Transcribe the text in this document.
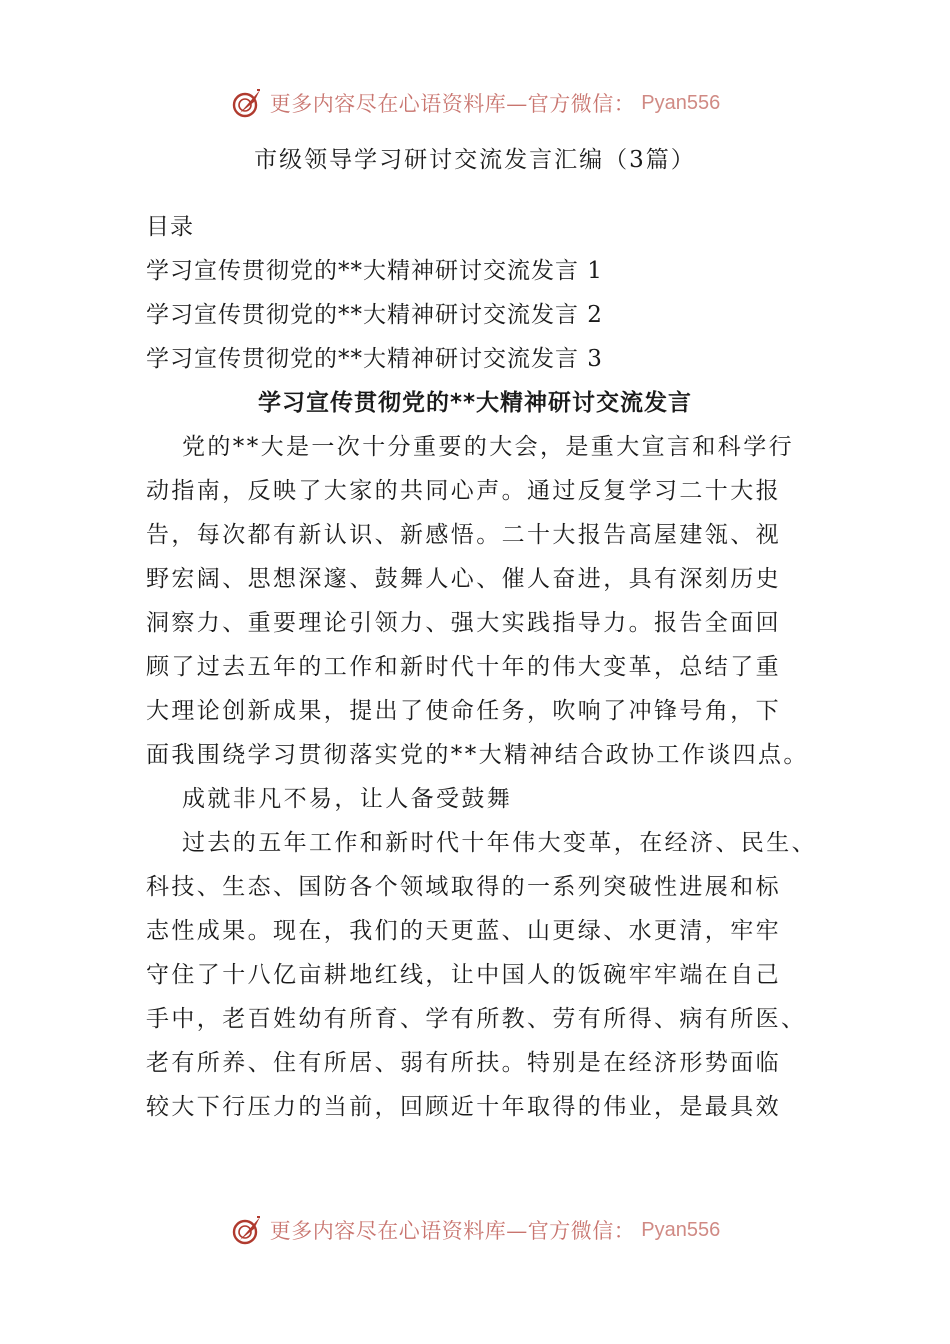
更多内容尽在心语资料库—官方微信： Pyan556
市级领导学习研讨交流发言汇编（3篇）
目录
学习宣传贯彻党的**大精神研讨交流发言 1
学习宣传贯彻党的**大精神研讨交流发言 2
学习宣传贯彻党的**大精神研讨交流发言 3
学习宣传贯彻党的**大精神研讨交流发言
党的**大是一次十分重要的大会，是重大宣言和科学行
动指南，反映了大家的共同心声。通过反复学习二十大报
告，每次都有新认识、新感悟。二十大报告高屋建瓴、视
野宏阔、思想深邃、鼓舞人心、催人奋进，具有深刻历史
洞察力、重要理论引领力、强大实践指导力。报告全面回
顾了过去五年的工作和新时代十年的伟大变革，总结了重
大理论创新成果，提出了使命任务，吹响了冲锋号角，下
面我围绕学习贯彻落实党的**大精神结合政协工作谈四点。
成就非凡不易，让人备受鼓舞
过去的五年工作和新时代十年伟大变革，在经济、民生、
科技、生态、国防各个领域取得的一系列突破性进展和标
志性成果。现在，我们的天更蓝、山更绿、水更清，牢牢
守住了十八亿亩耕地红线，让中国人的饭碗牢牢端在自己
手中，老百姓幼有所育、学有所教、劳有所得、病有所医、
老有所养、住有所居、弱有所扶。特别是在经济形势面临
较大下行压力的当前，回顾近十年取得的伟业，是最具效
更多内容尽在心语资料库—官方微信： Pyan556
